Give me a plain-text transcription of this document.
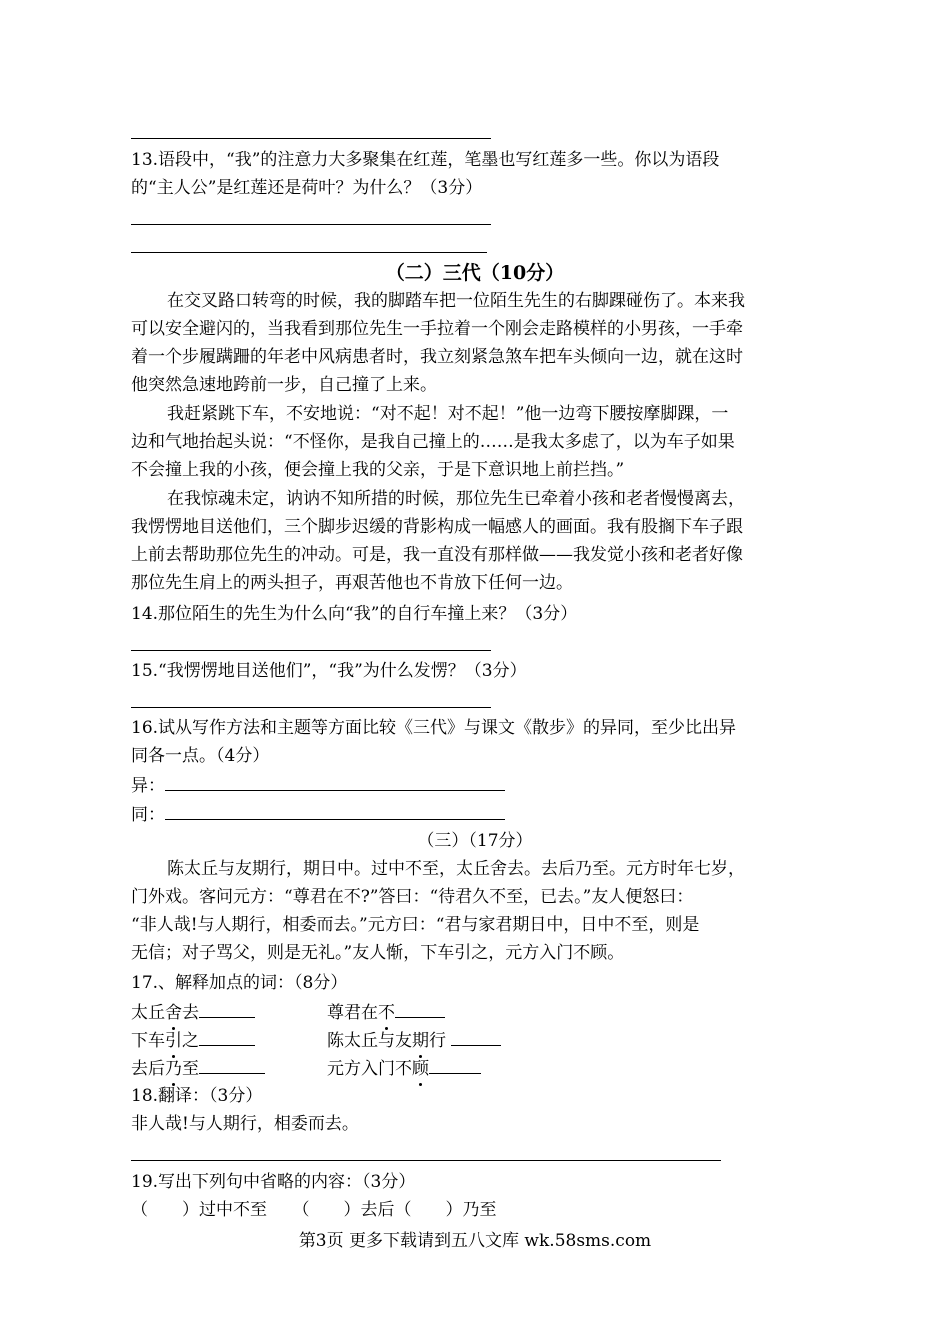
13.语段中，“我”的注意力大多聚集在红莲，笔墨也写红莲多一些。你以为语段
的“主人公”是红莲还是荷叶？为什么？（3分）
（二）三代（10分）
在交叉路口转弯的时候，我的脚踏车把一位陌生先生的右脚踝碰伤了。本来我
可以安全避闪的，当我看到那位先生一手拉着一个刚会走路模样的小男孩，一手牵
着一个步履蹒跚的年老中风病患者时，我立刻紧急煞车把车头倾向一边，就在这时
他突然急速地跨前一步，自己撞了上来。
我赶紧跳下车，不安地说：“对不起！对不起！”他一边弯下腰按摩脚踝，一
边和气地抬起头说：“不怪你，是我自己撞上的……是我太多虑了，以为车子如果
不会撞上我的小孩，便会撞上我的父亲，于是下意识地上前拦挡。”
在我惊魂未定，讷讷不知所措的时候，那位先生已牵着小孩和老者慢慢离去，
我愣愣地目送他们，三个脚步迟缓的背影构成一幅感人的画面。我有股搁下车子跟
上前去帮助那位先生的冲动。可是，我一直没有那样做——我发觉小孩和老者好像
那位先生肩上的两头担子，再艰苦他也不肯放下任何一边。
14.那位陌生的先生为什么向“我”的自行车撞上来？（3分）
15.“我愣愣地目送他们”，“我”为什么发愣？（3分）
16.试从写作方法和主题等方面比较《三代》与课文《散步》的异同，至少比出异
同各一点。（4分）
异：
同：
（三）（17分）
陈太丘与友期行，期日中。过中不至，太丘舍去。去后乃至。元方时年七岁，
门外戏。客问元方：“尊君在不?”答曰：“待君久不至，已去。”友人便怒曰：
“非人哉!与人期行，相委而去。”元方曰：“君与家君期日中，日中不至，则是
无信；对子骂父，则是无礼。”友人惭，下车引之，元方入门不顾。
17.、解释加点的词：（8分）
太丘舍去	尊君在不
下车引之	陈太丘与友期行
去后乃至	元方入门不顾
18.翻译：（3分）
非人哉!与人期行，相委而去。
19.写出下列句中省略的内容：（3分）
（　　）过中不至　　（　　）去后（　　）乃至
第3页 更多下载请到五八文库 wk.58sms.com
